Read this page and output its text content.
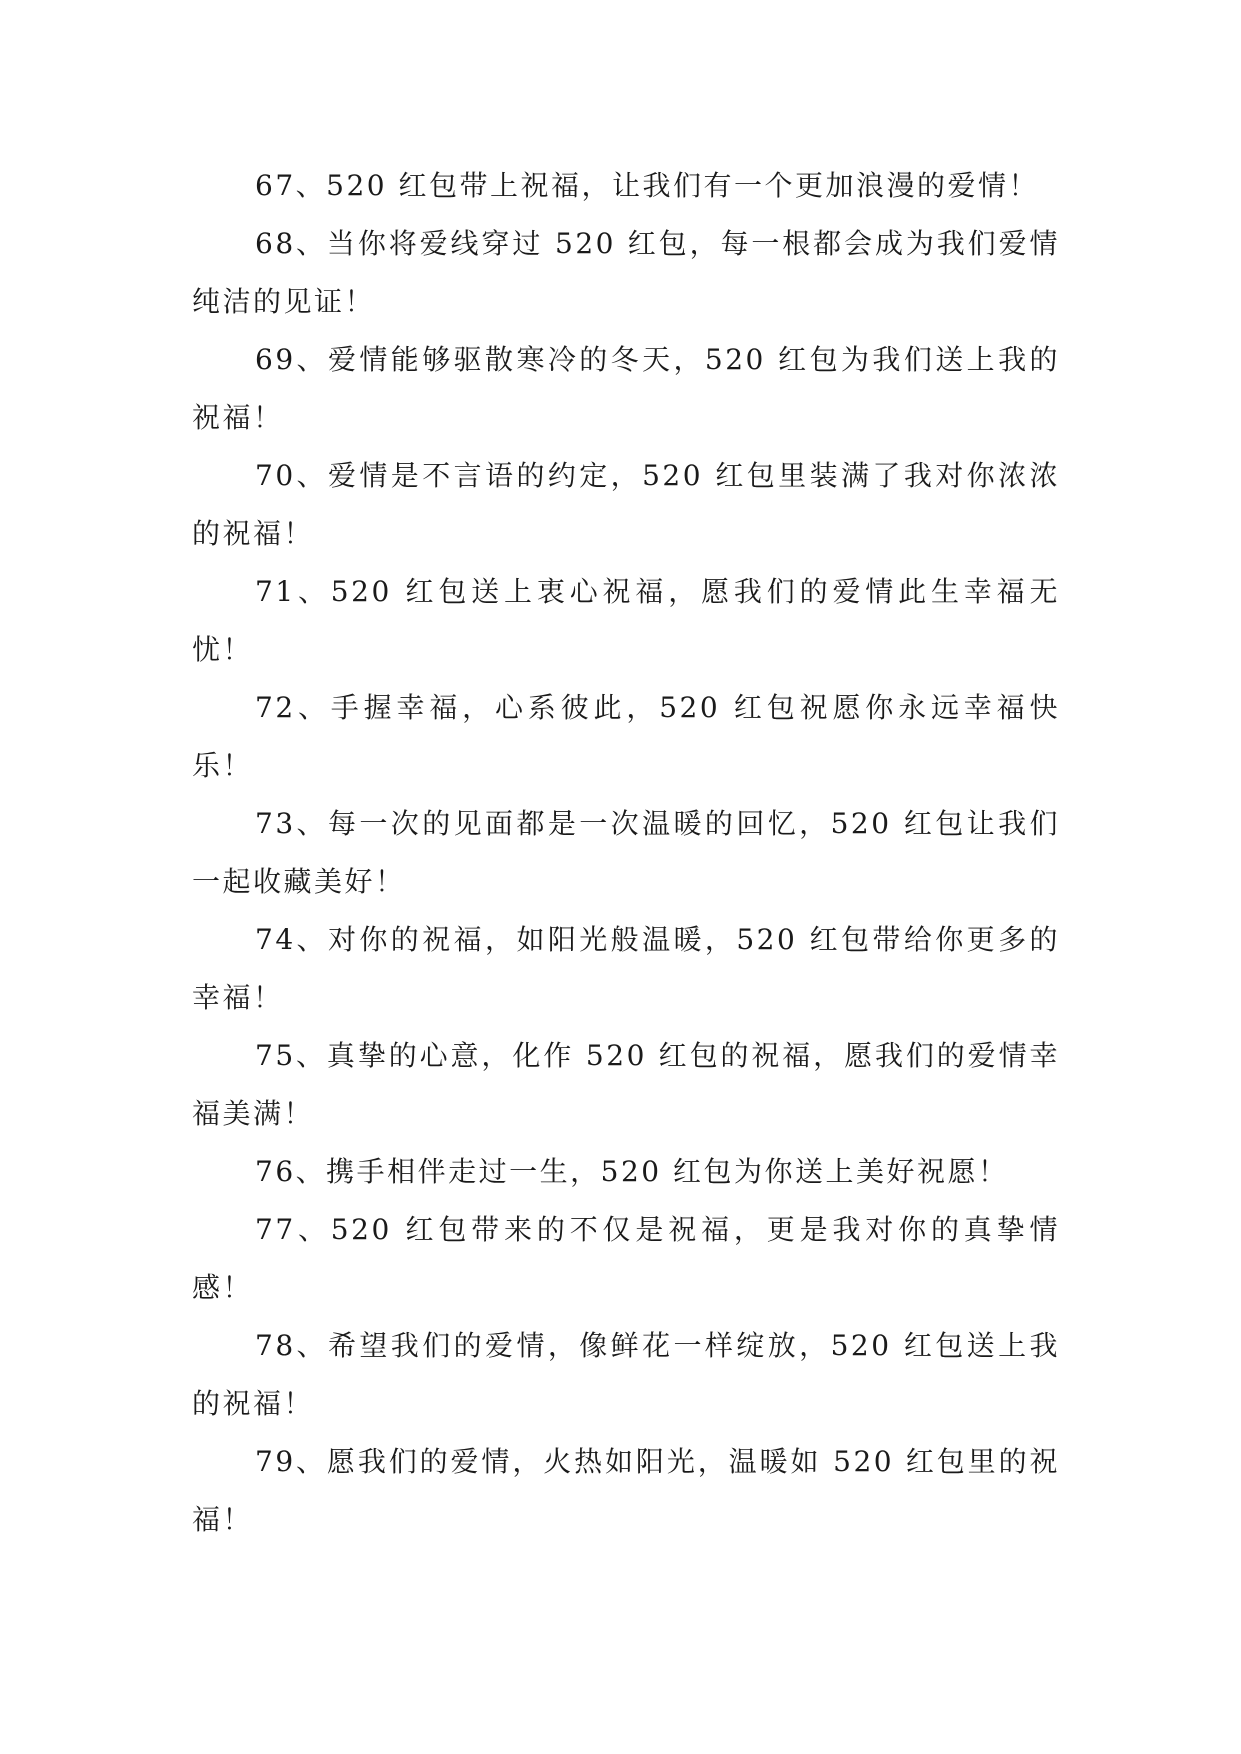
67、520 红包带上祝福，让我们有一个更加浪漫的爱情！

68、当你将爱线穿过 520 红包，每一根都会成为我们爱情纯洁的见证！

69、爱情能够驱散寒冷的冬天，520 红包为我们送上我的祝福！

70、爱情是不言语的约定，520 红包里装满了我对你浓浓的祝福！

71、520 红包送上衷心祝福，愿我们的爱情此生幸福无忧！

72、手握幸福，心系彼此，520 红包祝愿你永远幸福快乐！

73、每一次的见面都是一次温暖的回忆，520 红包让我们一起收藏美好！

74、对你的祝福，如阳光般温暖，520 红包带给你更多的幸福！

75、真挚的心意，化作 520 红包的祝福，愿我们的爱情幸福美满！

76、携手相伴走过一生，520 红包为你送上美好祝愿！

77、520 红包带来的不仅是祝福，更是我对你的真挚情感！

78、希望我们的爱情，像鲜花一样绽放，520 红包送上我的祝福！

79、愿我们的爱情，火热如阳光，温暖如 520 红包里的祝福！
